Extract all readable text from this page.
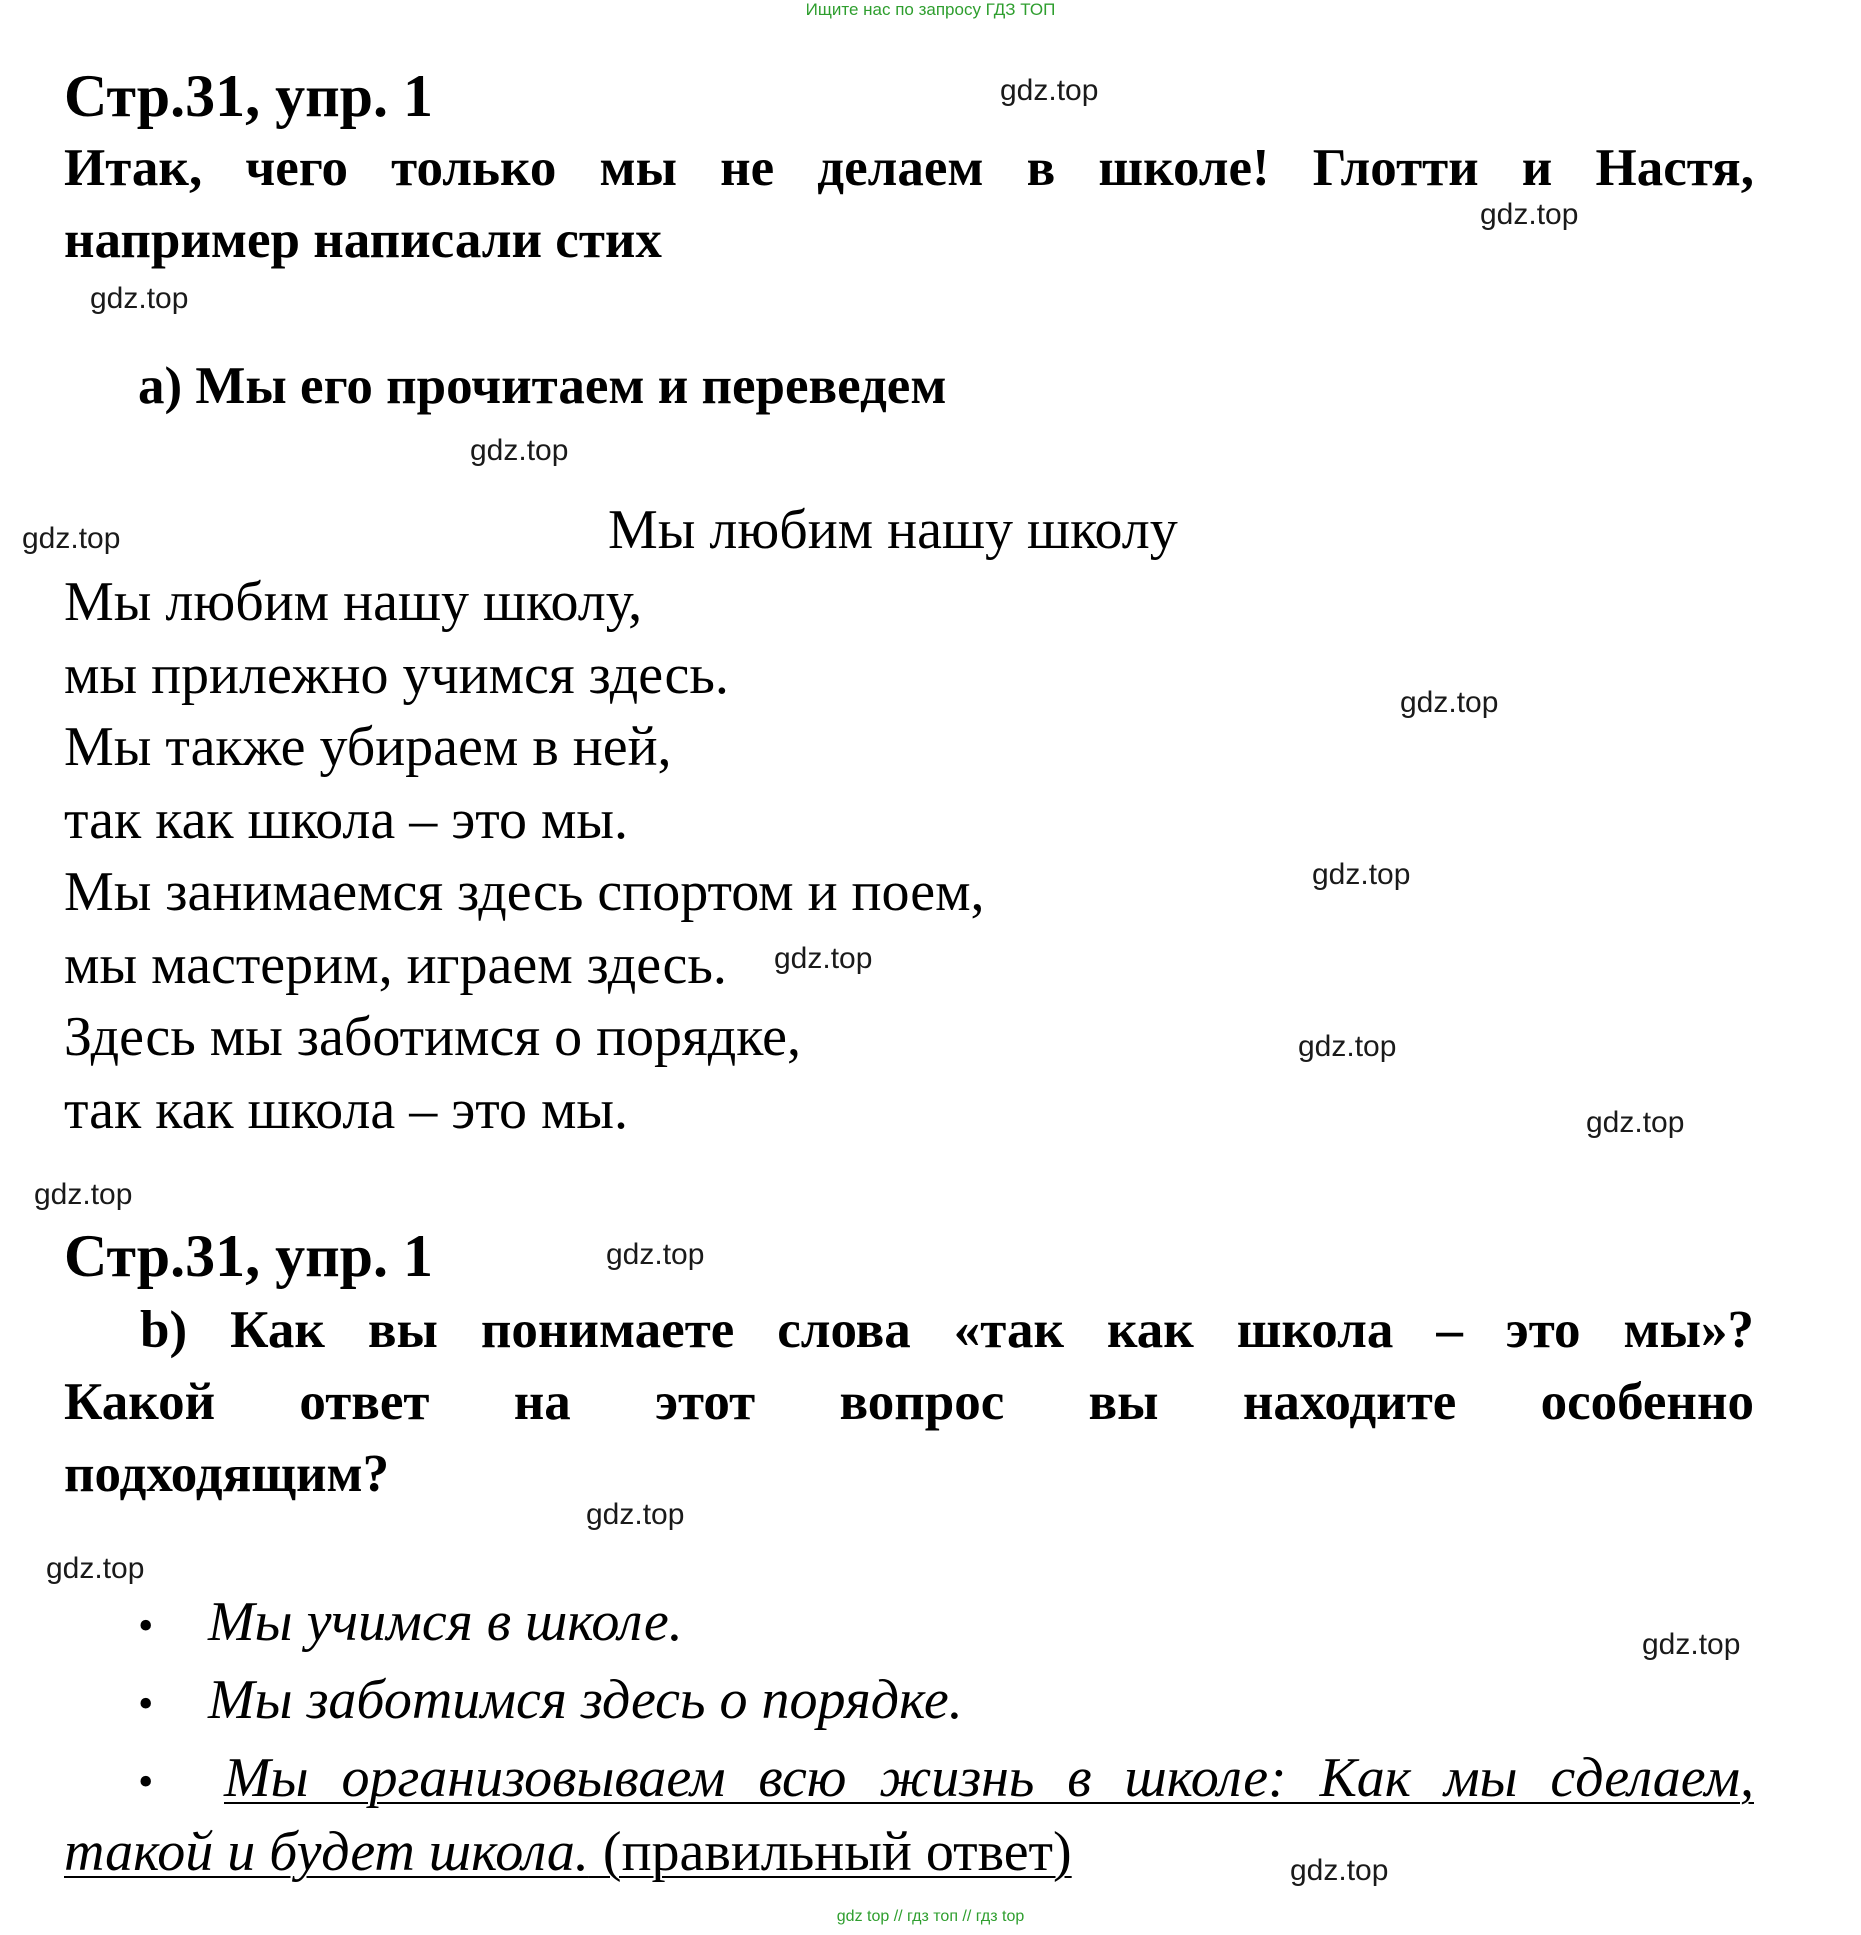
Ищите нас по запросу ГДЗ ТОП
Стр.31, упр. 1
Итак, чего только мы не делаем в школе! Глотти и Настя,
например написали стих
а) Мы его прочитаем и переведем
Мы любим нашу школу
Мы любим нашу школу,
мы прилежно учимся здесь.
Мы также убираем в ней,
так как школа – это мы.
Мы занимаемся здесь спортом и поем,
мы мастерим, играем здесь.
Здесь мы заботимся о порядке,
так как школа – это мы.
Стр.31, упр. 1
b) Как вы понимаете слова «так как школа – это мы»?
Какой ответ на этот вопрос вы находите особенно
подходящим?
• Мы учимся в школе.
• Мы заботимся здесь о порядке.
• Мы организовываем всю жизнь в школе: Как мы сделаем,
такой и будет школа. (правильный ответ)
gdz.top
gdz.top
gdz.top
gdz.top
gdz.top
gdz.top
gdz.top
gdz.top
gdz.top
gdz.top
gdz.top
gdz.top
gdz.top
gdz.top
gdz.top
gdz.top
gdz top // гдз топ // гдз top
